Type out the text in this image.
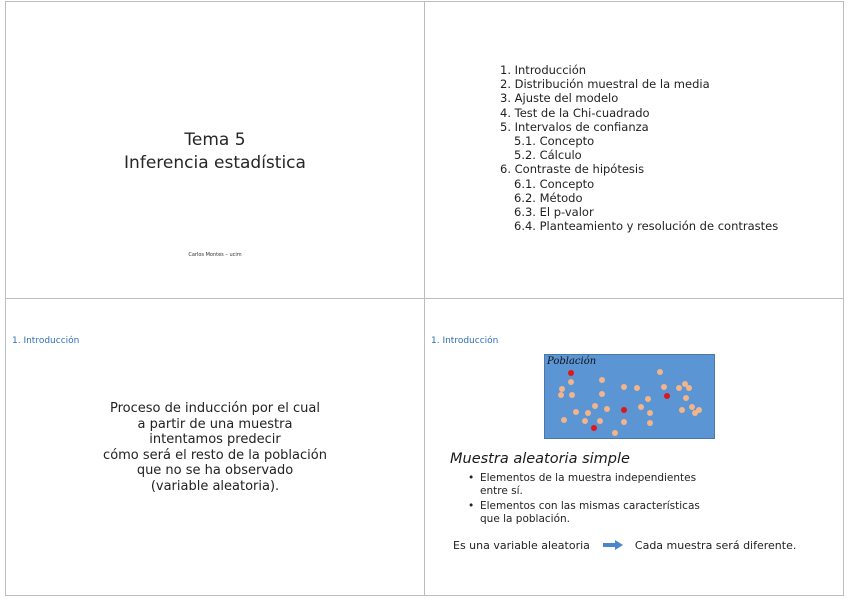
Tema 5
Inferencia estadística
Carlos Montes – ucim
1. Introducción
2. Distribución muestral de la media
3. Ajuste del modelo
4. Test de la Chi-cuadrado
5. Intervalos de confianza
5.1. Concepto
5.2. Cálculo
6. Contraste de hipótesis
6.1. Concepto
6.2. Método
6.3. El p-valor
6.4. Planteamiento y resolución de contrastes
1. Introducción
Proceso de inducción por el cual
a partir de una muestra
intentamos predecir
cómo será el resto de la población
que no se ha observado
(variable aleatoria).
1. Introducción
Población
Muestra aleatoria simple
• Elementos de la muestra independientes
entre sí.
• Elementos con las mismas características
que la población.
Es una variable aleatoria	Cada muestra será diferente.
